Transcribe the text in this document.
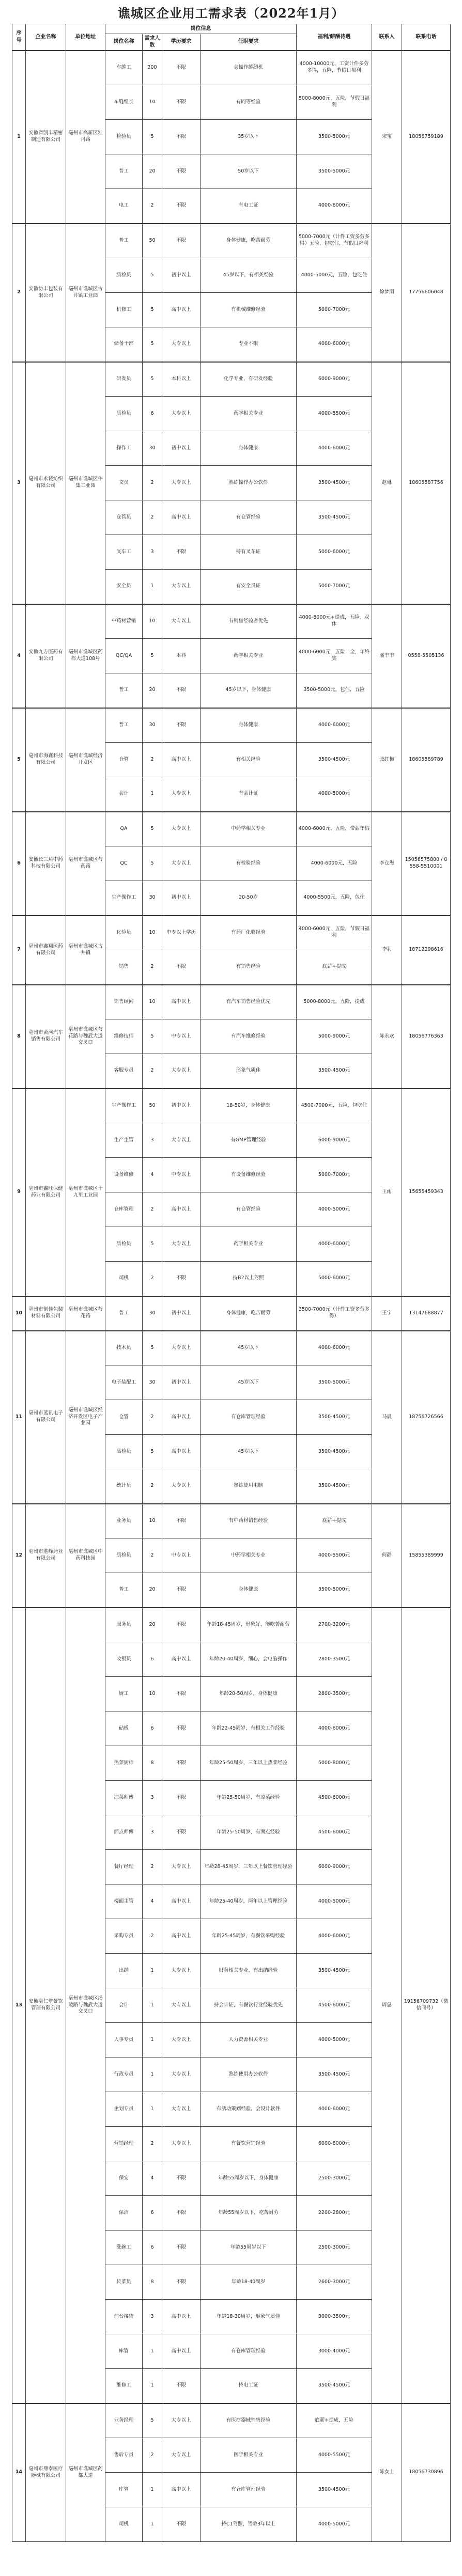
谯城区企业用工需求表（2022年1月）
序号	企业名称	单位地址	岗位信息				福利/薪酬待遇	联系人	联系电话
			岗位名称	需求人数	学历要求	任职要求			
1	安徽省凯丰精密制造有限公司	亳州市高新区牡丹路	车缝工	200	不限	会操作缝纫机	4000-10000元，工资计件多劳多得，五险，节假日福利	宋宝	18056759189
			车缝组长	10	不限	有同等经验	5000-8000元，五险，节假日福利		
			检验员	5	不限	35岁以下	3500-5000元		
			普工	20	不限	50岁以下	3500-5000元		
			电工	2	不限	有电工证	4000-6000元		
2	安徽协丰包装有限公司	亳州市谯城区古井镇工业园	普工	50	不限	身体健康，吃苦耐劳	5000-7000元（计件工资多劳多得）五险，包吃住，节假日福利	徐梦雨	17756606048
			质检员	5	初中以上	45岁以下，有相关经验	4000-5000元，五险，包吃住		
			机修工	5	高中以上	有机械维修经验	5000-7000元		
			储备干部	5	大专以上	专业不限	4000-6000元		
3	亳州市永诚纺织有限公司	亳州市谯城区牛集工业园	研发员	5	本科以上	化学专业，有研发经验	6000-9000元	赵琳	18605587756
			质检员	6	大专以上	药学相关专业	4000-5500元		
			操作工	30	初中以上	身体健康	4000-6000元		
			文员	2	大专以上	熟练操作办公软件	3500-4500元		
			仓管员	2	高中以上	有仓管经验	3500-4500元		
			叉车工	3	不限	持有叉车证	5000-6000元		
			安全员	1	大专以上	有安全员证	5000-7000元		
4	安徽九方医药有限公司	亳州市谯城区药都大道108号	中药材营销	10	大专以上	有销售经验者优先	4000-8000元+提成，五险，双休	潘丰丰	0558-5505136
			QC/QA	5	本科	药学相关专业	4000-6000元，五险一金，年终奖		
			普工	20	不限	45岁以下，身体健康	3500-5000元，包住，五险		
5	亳州市海鑫科技有限公司	亳州市谯城经济开发区	普工	30	不限	身体健康	4000-6000元	张红梅	18605589789
			仓管	2	高中以上	有相关经验	3500-4500元		
			会计	1	大专以上	有会计证	4000-5000元		
6	安徽长三角中药科技有限公司	亳州市谯城区芍药路	QA	5	大专以上	中药学相关专业	4000-6000元，五险，带薪年假	李仓海	15056575800 / 0558-5510001
			QC	5	大专以上	有检验经验	4000-6000元，五险		
			生产操作工	30	初中以上	20-50岁	4000-5500元，五险，包住		
7	亳州市鑫翔医药有限公司	亳州市谯城区古井镇	化验员	10	中专以上学历	有药厂化验经验	4000-6000元，五险，节假日福利	李莉	18712298616
			销售	2	不限	有销售经验	底薪+提成		
8	亳州市黄河汽车销售有限公司	亳州市谯城区芍花路与魏武大道交叉口	销售顾问	10	高中以上	有汽车销售经验优先	5000-8000元，五险，提成	陈永欢	18056776363
			维修技师	5	中专以上	有汽车维修经验	5000-9000元		
			客服专员	2	大专以上	形象气质佳	3500-4500元		
9	亳州市鑫旺保健药业有限公司	亳州市谯城区十九里工业园	生产操作工	50	初中以上	18-50岁，身体健康	4500-7000元，五险，包吃住	王雨	15655459343
			生产主管	3	大专以上	有GMP管理经验	6000-9000元		
			设备维修	4	中专以上	有设备维修经验	5000-7000元		
			仓库管理	2	高中以上	有仓管经验	4000-5000元		
			质检员	5	大专以上	药学相关专业	4000-6000元		
			司机	2	不限	持B2以上驾照	5000-6000元		
10	亳州市创佳包装材料有限公司	亳州市谯城区芍花路	普工	30	初中以上	身体健康，吃苦耐劳	3500-7000元（计件工资多劳多得）	王宁	13147688877
11	亳州市蓝讯电子有限公司	亳州市谯城区经济开发区电子产业园	技术员	5	大专以上	45岁以下	4000-6000元	马晨	18756726566
			电子装配工	30	初中以上	45岁以下	3500-5000元		
			仓管	2	高中以上	有仓库管理经验	3500-4500元		
			品检员	5	高中以上	45岁以下	3500-4500元		
			统计员	2	大专以上	熟练使用电脑	3500-4500元		
12	亳州市港峰药业有限公司	亳州市谯城区中药科技园	业务员	10	不限	有中药材销售经验	底薪+提成	何静	15855389999
			质检员	2	中专以上	中药学相关专业	4000-5500元		
			普工	20	不限	身体健康	3500-5000元		
13	安徽亳仁堂餐饮管理有限公司	亳州市谯城区汤陵路与魏武大道交叉口	服务员	20	不限	年龄18-45周岁，形象好，能吃苦耐劳	2700-3200元	周总	19156709732（微信同号）
			收银员	6	高中以上	年龄20-40周岁，细心，会电脑操作	2800-3500元		
			厨工	10	不限	年龄20-50周岁，身体健康	2800-3500元		
			砧板	6	不限	年龄22-45周岁，有相关工作经验	4000-6000元		
			热菜厨师	8	不限	年龄25-50周岁，三年以上热菜经验	5000-8000元		
			凉菜师傅	3	不限	年龄25-50周岁，有凉菜经验	4500-6000元		
			面点师傅	3	不限	年龄25-50周岁，有面点经验	4500-6000元		
			餐厅经理	2	大专以上	年龄28-45周岁，三年以上餐饮管理经验	6000-9000元		
			楼面主管	4	高中以上	年龄25-40周岁，两年以上管理经验	4000-5000元		
			采购专员	2	高中以上	年龄25-45周岁，有餐饮采购经验	4000-6000元		
			出纳	1	大专以上	财务相关专业，有出纳经验	3500-4500元		
			会计	1	大专以上	持会计证，有餐饮行业经验优先	4500-6000元		
			人事专员	1	大专以上	人力资源相关专业	4000-5000元		
			行政专员	1	大专以上	熟练使用办公软件	3500-4500元		
			企划专员	1	大专以上	有活动策划经验，会设计软件	4000-6000元		
			营销经理	2	大专以上	有餐饮营销经验	6000-8000元		
			保安	4	不限	年龄55周岁以下，身体健康	2500-3000元		
			保洁	6	不限	年龄55周岁以下，吃苦耐劳	2200-2800元		
			洗碗工	6	不限	年龄55周岁以下	2500-3000元		
			传菜员	8	不限	年龄18-40周岁	2600-3000元		
			前台接待	3	高中以上	年龄18-30周岁，形象气质佳	3000-3500元		
			库管	1	高中以上	有仓库管理经验	3000-4000元		
			维修工	1	不限	持电工证	3500-4500元		
14	亳州市鼎泰医疗器械有限公司	亳州市谯城区药都大道	业务经理	5	大专以上	有医疗器械销售经验	底薪+提成，五险	陈女士	18056730896
			售后专员	2	大专以上	医学相关专业	4000-5500元		
			库管	1	高中以上	有仓库管理经验	3500-4500元		
			司机	1	不限	持C1驾照，驾龄3年以上	4000-5000元		
